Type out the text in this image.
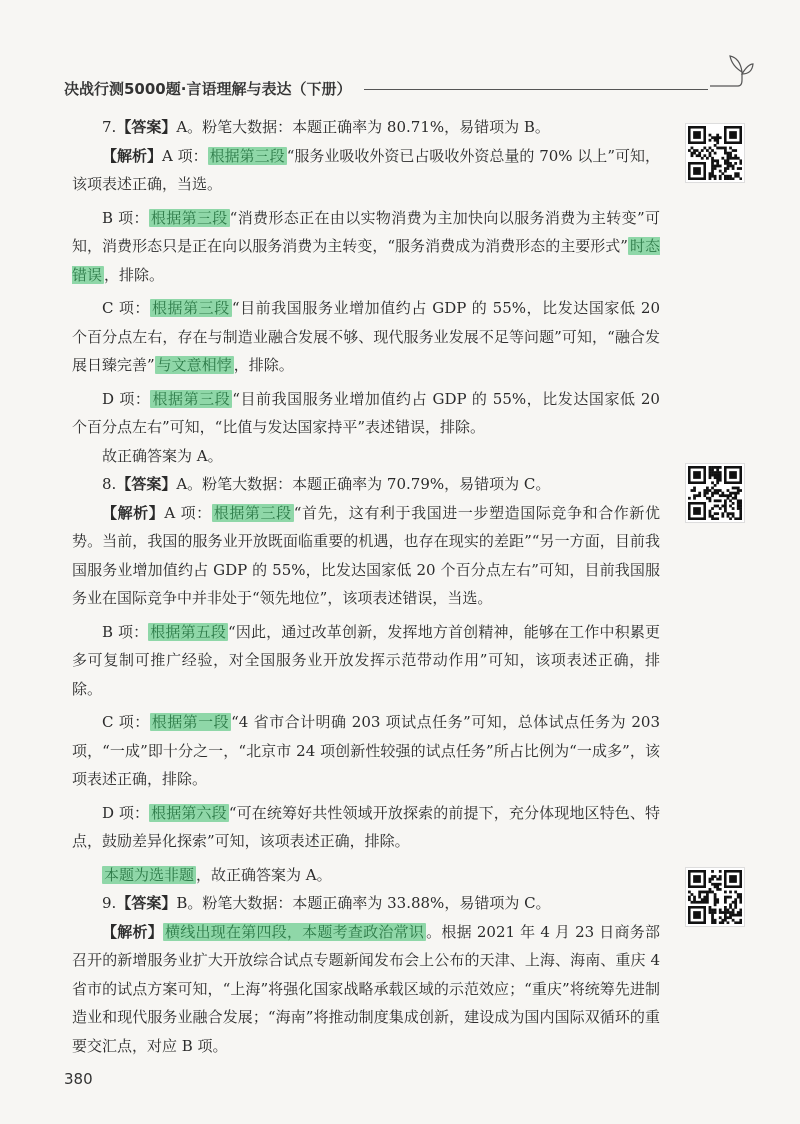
决战行测5000题·言语理解与表达（下册）

7.【答案】A。粉笔大数据：本题正确率为 80.71%，易错项为 B。

【解析】A 项： 根据第三段 “服务业吸收外资已占吸收外资总量的 70% 以上”可知，该项表述正确，当选。

B 项： 根据第三段 “消费形态正在由以实物消费为主加快向以服务消费为主转变”可知，消费形态只是正在向以服务消费为主转变，“服务消费成为消费形态的主要形式” 时态错误 ，排除。

C 项： 根据第三段 “目前我国服务业增加值约占 GDP 的 55%，比发达国家低 20 个百分点左右，存在与制造业融合发展不够、现代服务业发展不足等问题”可知，“融合发展日臻完善” 与文意相悖 ，排除。

D 项： 根据第三段 “目前我国服务业增加值约占 GDP 的 55%，比发达国家低 20 个百分点左右”可知，“比值与发达国家持平”表述错误，排除。

故正确答案为 A。

8.【答案】A。粉笔大数据：本题正确率为 70.79%，易错项为 C。

【解析】A 项： 根据第三段 “首先，这有利于我国进一步塑造国际竞争和合作新优势。当前，我国的服务业开放既面临重要的机遇，也存在现实的差距”“另一方面，目前我国服务业增加值约占 GDP 的 55%，比发达国家低 20 个百分点左右”可知，目前我国服务业在国际竞争中并非处于“领先地位”，该项表述错误，当选。

B 项： 根据第五段 “因此，通过改革创新，发挥地方首创精神，能够在工作中积累更多可复制可推广经验，对全国服务业开放发挥示范带动作用”可知，该项表述正确，排除。

C 项： 根据第一段 “4 省市合计明确 203 项试点任务”可知，总体试点任务为 203 项，“一成”即十分之一，“北京市 24 项创新性较强的试点任务”所占比例为“一成多”，该项表述正确，排除。

D 项： 根据第六段 “可在统筹好共性领域开放探索的前提下，充分体现地区特色、特点，鼓励差异化探索”可知，该项表述正确，排除。

本题为选非题 ，故正确答案为 A。

9.【答案】B。粉笔大数据：本题正确率为 33.88%，易错项为 C。

【解析】 横线出现在第四段，本题考查政治常识 。根据 2021 年 4 月 23 日商务部召开的新增服务业扩大开放综合试点专题新闻发布会上公布的天津、上海、海南、重庆 4 省市的试点方案可知，“上海”将强化国家战略承载区域的示范效应；“重庆”将统筹先进制造业和现代服务业融合发展；“海南”将推动制度集成创新，建设成为国内国际双循环的重要交汇点，对应 B 项。

380
